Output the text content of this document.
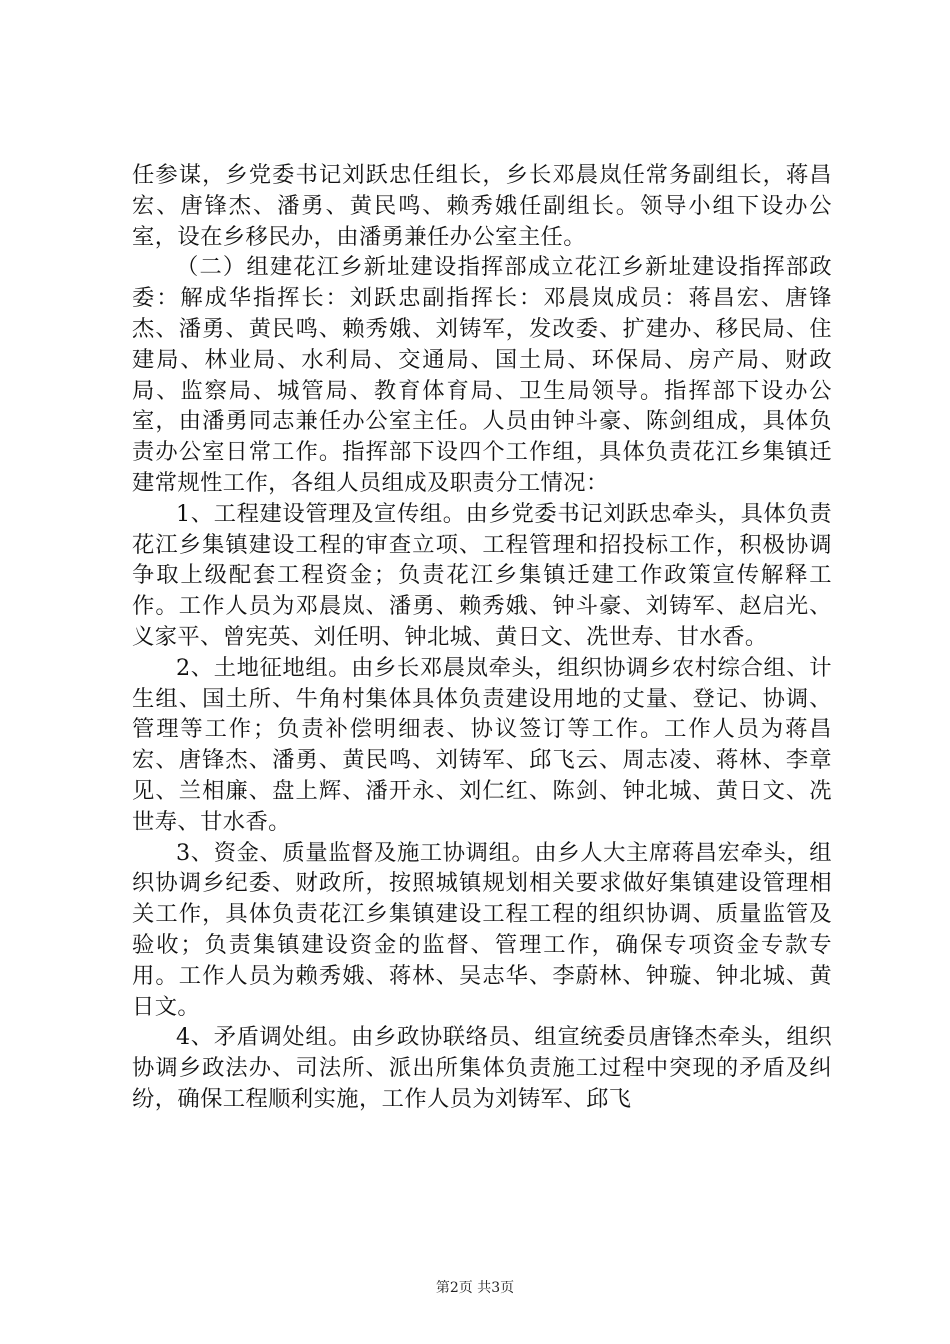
任参谋，乡党委书记刘跃忠任组长，乡长邓晨岚任常务副组长，蒋昌宏、唐锋杰、潘勇、黄民鸣、赖秀娥任副组长。领导小组下设办公室，设在乡移民办，由潘勇兼任办公室主任。

（二）组建花江乡新址建设指挥部成立花江乡新址建设指挥部政委：解成华指挥长：刘跃忠副指挥长：邓晨岚成员：蒋昌宏、唐锋杰、潘勇、黄民鸣、赖秀娥、刘铸军，发改委、扩建办、移民局、住建局、林业局、水利局、交通局、国土局、环保局、房产局、财政局、监察局、城管局、教育体育局、卫生局领导。指挥部下设办公室，由潘勇同志兼任办公室主任。人员由钟斗豪、陈剑组成，具体负责办公室日常工作。指挥部下设四个工作组，具体负责花江乡集镇迁建常规性工作，各组人员组成及职责分工情况：

1、工程建设管理及宣传组。由乡党委书记刘跃忠牵头，具体负责花江乡集镇建设工程的审查立项、工程管理和招投标工作，积极协调争取上级配套工程资金；负责花江乡集镇迁建工作政策宣传解释工作。工作人员为邓晨岚、潘勇、赖秀娥、钟斗豪、刘铸军、赵启光、义家平、曾宪英、刘任明、钟北城、黄日文、冼世寿、甘水香。

2、土地征地组。由乡长邓晨岚牵头，组织协调乡农村综合组、计生组、国土所、牛角村集体具体负责建设用地的丈量、登记、协调、管理等工作；负责补偿明细表、协议签订等工作。工作人员为蒋昌宏、唐锋杰、潘勇、黄民鸣、刘铸军、邱飞云、周志凌、蒋林、李章见、兰相廉、盘上辉、潘开永、刘仁红、陈剑、钟北城、黄日文、冼世寿、甘水香。

3、资金、质量监督及施工协调组。由乡人大主席蒋昌宏牵头，组织协调乡纪委、财政所，按照城镇规划相关要求做好集镇建设管理相关工作，具体负责花江乡集镇建设工程工程的组织协调、质量监管及验收；负责集镇建设资金的监督、管理工作，确保专项资金专款专用。工作人员为赖秀娥、蒋林、吴志华、李蔚林、钟璇、钟北城、黄日文。

4、矛盾调处组。由乡政协联络员、组宣统委员唐锋杰牵头，组织协调乡政法办、司法所、派出所集体负责施工过程中突现的矛盾及纠纷，确保工程顺利实施，工作人员为刘铸军、邱飞

第2页 共3页
